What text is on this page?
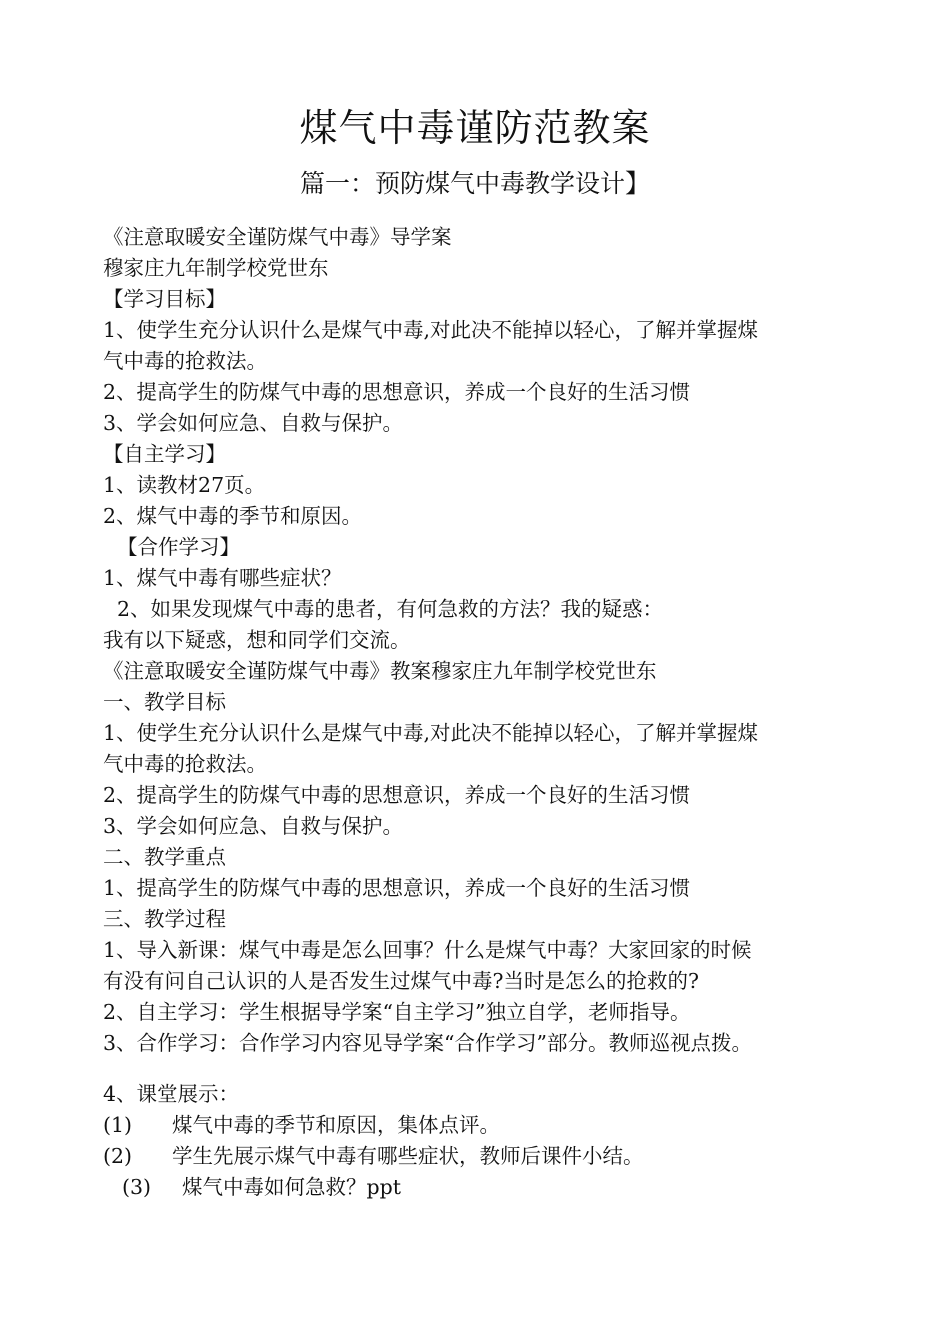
煤气中毒谨防范教案
篇一：预防煤气中毒教学设计】
《注意取暖安全谨防煤气中毒》导学案
穆家庄九年制学校党世东
【学习目标】
1、使学生充分认识什么是煤气中毒,对此决不能掉以轻心，了解并掌握煤
气中毒的抢救法。
2、提高学生的防煤气中毒的思想意识，养成一个良好的生活习惯
3、学会如何应急、自救与保护。
【自主学习】
1、读教材27页。
2、煤气中毒的季节和原因。
【合作学习】
1、煤气中毒有哪些症状？
2、如果发现煤气中毒的患者，有何急救的方法？我的疑惑：
我有以下疑惑，想和同学们交流。
《注意取暖安全谨防煤气中毒》教案穆家庄九年制学校党世东
一、教学目标
1、使学生充分认识什么是煤气中毒,对此决不能掉以轻心，了解并掌握煤
气中毒的抢救法。
2、提高学生的防煤气中毒的思想意识，养成一个良好的生活习惯
3、学会如何应急、自救与保护。
二、教学重点
1、提高学生的防煤气中毒的思想意识，养成一个良好的生活习惯
三、教学过程
1、导入新课：煤气中毒是怎么回事？什么是煤气中毒？大家回家的时候
有没有问自己认识的人是否发生过煤气中毒?当时是怎么的抢救的?
2、自主学习：学生根据导学案“自主学习”独立自学，老师指导。
3、合作学习：合作学习内容见导学案“合作学习”部分。教师巡视点拨。
4、课堂展示：
(1) 煤气中毒的季节和原因，集体点评。
(2) 学生先展示煤气中毒有哪些症状，教师后课件小结。
(3) 煤气中毒如何急救？ppt
